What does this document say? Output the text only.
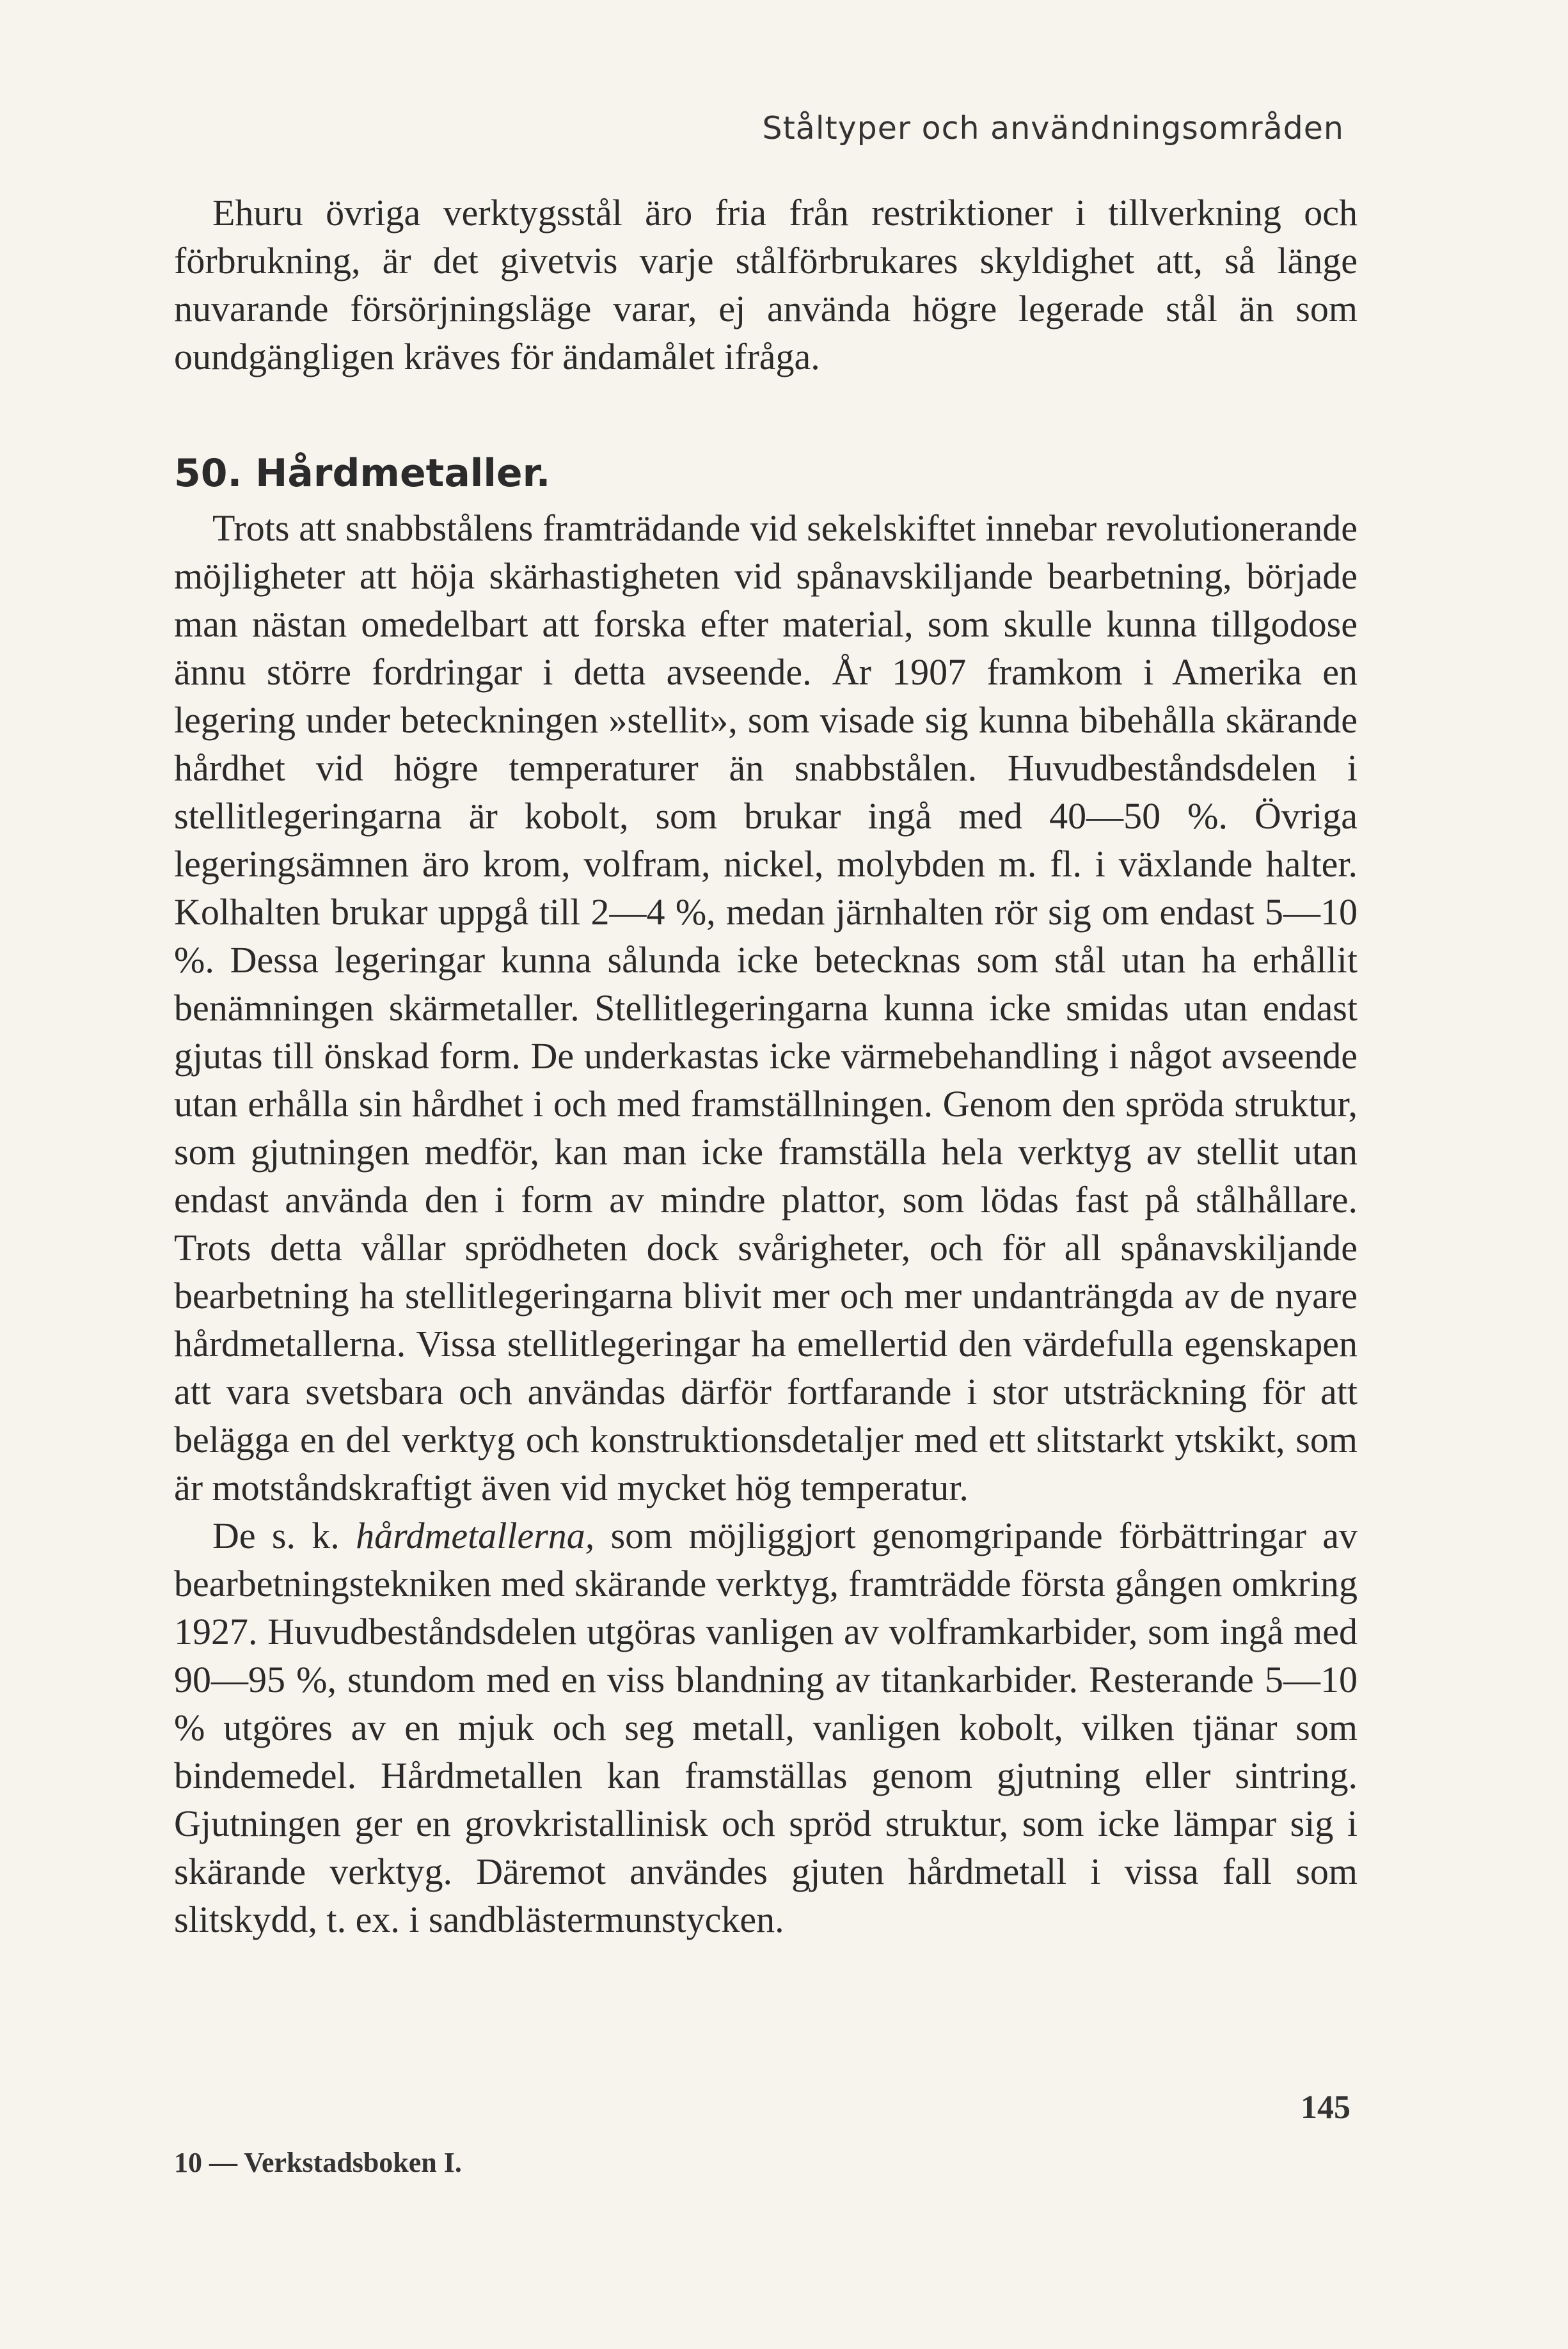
Ståltyper och användningsområden

Ehuru övriga verktygsstål äro fria från restriktioner i tillverkning och förbrukning, är det givetvis varje stålförbrukares skyldighet att, så länge nuvarande försörjningsläge varar, ej använda högre legerade stål än som oundgängligen kräves för ändamålet ifråga.

50. Hårdmetaller.

Trots att snabbstålens framträdande vid sekelskiftet innebar revolutionerande möjligheter att höja skärhastigheten vid spånavskiljande bearbetning, började man nästan omedelbart att forska efter material, som skulle kunna tillgodose ännu större fordringar i detta avseende. År 1907 framkom i Amerika en legering under beteckningen »stellit», som visade sig kunna bibehålla skärande hårdhet vid högre temperaturer än snabbstålen. Huvudbeståndsdelen i stellitlegeringarna är kobolt, som brukar ingå med 40—50 %. Övriga legeringsämnen äro krom, volfram, nickel, molybden m. fl. i växlande halter. Kolhalten brukar uppgå till 2—4 %, medan järnhalten rör sig om endast 5—10 %. Dessa legeringar kunna sålunda icke betecknas som stål utan ha erhållit benämningen skärmetaller. Stellitlegeringarna kunna icke smidas utan endast gjutas till önskad form. De underkastas icke värmebehandling i något avseende utan erhålla sin hårdhet i och med framställningen. Genom den spröda struktur, som gjutningen medför, kan man icke framställa hela verktyg av stellit utan endast använda den i form av mindre plattor, som lödas fast på stålhållare. Trots detta vållar sprödheten dock svårigheter, och för all spånavskiljande bearbetning ha stellitlegeringarna blivit mer och mer undanträngda av de nyare hårdmetallerna. Vissa stellitlegeringar ha emellertid den värdefulla egenskapen att vara svetsbara och användas därför fortfarande i stor utsträckning för att belägga en del verktyg och konstruktionsdetaljer med ett slitstarkt ytskikt, som är motståndskraftigt även vid mycket hög temperatur.

De s. k. hårdmetallerna, som möjliggjort genomgripande förbättringar av bearbetningstekniken med skärande verktyg, framträdde första gången omkring 1927. Huvudbeståndsdelen utgöras vanligen av volframkarbider, som ingå med 90—95 %, stundom med en viss blandning av titankarbider. Resterande 5—10 % utgöres av en mjuk och seg metall, vanligen kobolt, vilken tjänar som bindemedel. Hårdmetallen kan framställas genom gjutning eller sintring. Gjutningen ger en grovkristallinisk och spröd struktur, som icke lämpar sig i skärande verktyg. Däremot användes gjuten hårdmetall i vissa fall som slitskydd, t. ex. i sandblästermunstycken.

145
10 — Verkstadsboken I.
